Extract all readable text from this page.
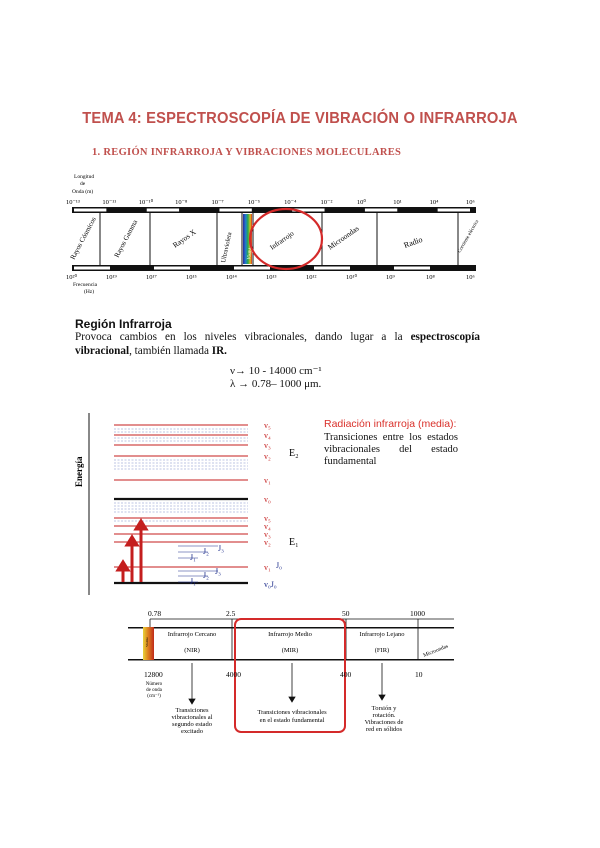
TEMA 4: ESPECTROSCOPÍA DE VIBRACIÓN O INFRARROJA
1. REGIÓN INFRARROJA Y VIBRACIONES MOLECULARES
Longitud
de
Onda (m)
10⁻¹³	10⁻¹¹	10⁻¹⁰	10⁻⁸	10⁻⁷	10⁻⁵	10⁻⁴	10⁻²	10⁰	10¹	10⁴	10⁶
10²⁰	10¹⁹	10¹⁷	10¹⁵	10¹⁴	10¹³	10¹²	10¹⁰	10⁹	10⁸	10⁶
Rayos Cósmicos Rayos Gamma	Rayos X	Ultravioleta	Visible
Infrarrojo	Microondas	Radio	Corriente eléctrica
Frecuencia
(Hz)
Región Infrarroja
Provoca cambios en los niveles vibracionales, dando lugar a la espectroscopía vibracional, también llamada IR.
ν→ 10 - 14000 cm⁻¹
λ → 0.78– 1000 μm.
Energía
v₅
v₄
v₃
v₂
v₁
v₀
v₅
v₄
v₃
v₂
v₁
v₀J₀
E₂
E₁
J₃
J₂
J₁
J₀
J₃
J₂
J₁
Radiación infrarroja (media):
Transiciones entre los estados vibracionales del estado fundamental
0.78	2.5	50	1000
Visible
Infrarrojo Cercano
(NIR)
Infrarrojo Medio
(MIR)
Infrarrojo Lejano
(FIR)	Microondas
12800	4000	400	10
Número
de onda
(cm⁻¹)
Transiciones
vibracionales al
segundo estado
excitado
Transiciones vibracionales
en el estado fundamental
Torsión y
rotación.
Vibraciones de
red en sólidos
